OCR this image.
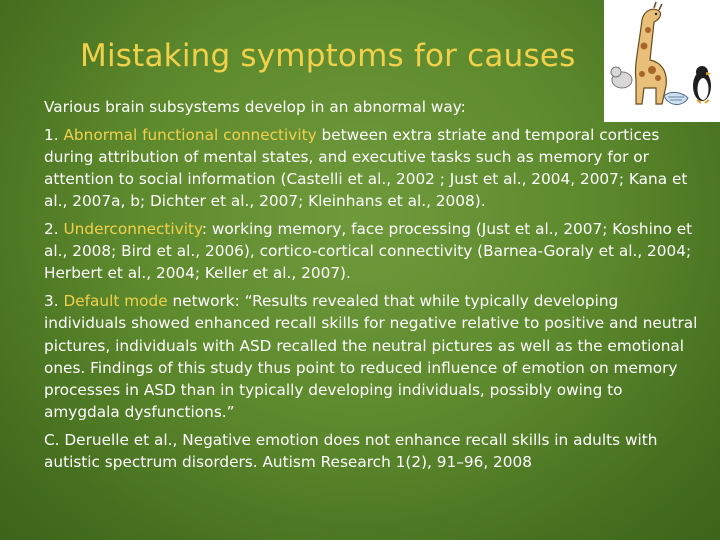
Mistaking symptoms for causes

Various brain subsystems develop in an abnormal way:

1. Abnormal functional connectivity between extra striate and temporal cortices during attribution of mental states, and executive tasks such as memory for or attention to social information (Castelli et al., 2002 ; Just et al., 2004, 2007; Kana et al., 2007a, b; Dichter et al., 2007; Kleinhans et al., 2008).

2. Underconnectivity: working memory, face processing (Just et al., 2007; Koshino et al., 2008; Bird et al., 2006), cortico-cortical connectivity (Barnea-Goraly et al., 2004; Herbert et al., 2004; Keller et al., 2007).

3. Default mode network: “Results revealed that while typically developing individuals showed enhanced recall skills for negative relative to positive and neutral pictures, individuals with ASD recalled the neutral pictures as well as the emotional ones. Findings of this study thus point to reduced influence of emotion on memory processes in ASD than in typically developing individuals, possibly owing to amygdala dysfunctions.”

C. Deruelle et al., Negative emotion does not enhance recall skills in adults with autistic spectrum disorders. Autism Research 1(2), 91–96, 2008
